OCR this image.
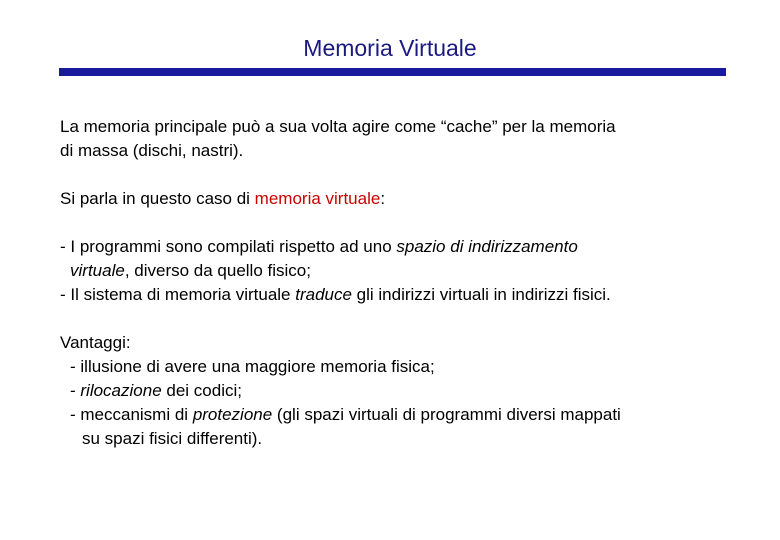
Memoria Virtuale

La memoria principale può a sua volta agire come “cache” per la memoria

di massa (dischi, nastri).

Si parla in questo caso di memoria virtuale:

- I programmi sono compilati rispetto ad uno spazio di indirizzamento

virtuale, diverso da quello fisico;

- Il sistema di memoria virtuale traduce gli indirizzi virtuali in indirizzi fisici.

Vantaggi:

- illusione di avere una maggiore memoria fisica;

- rilocazione dei codici;

- meccanismi di protezione (gli spazi virtuali di programmi diversi mappati

su spazi fisici differenti).
